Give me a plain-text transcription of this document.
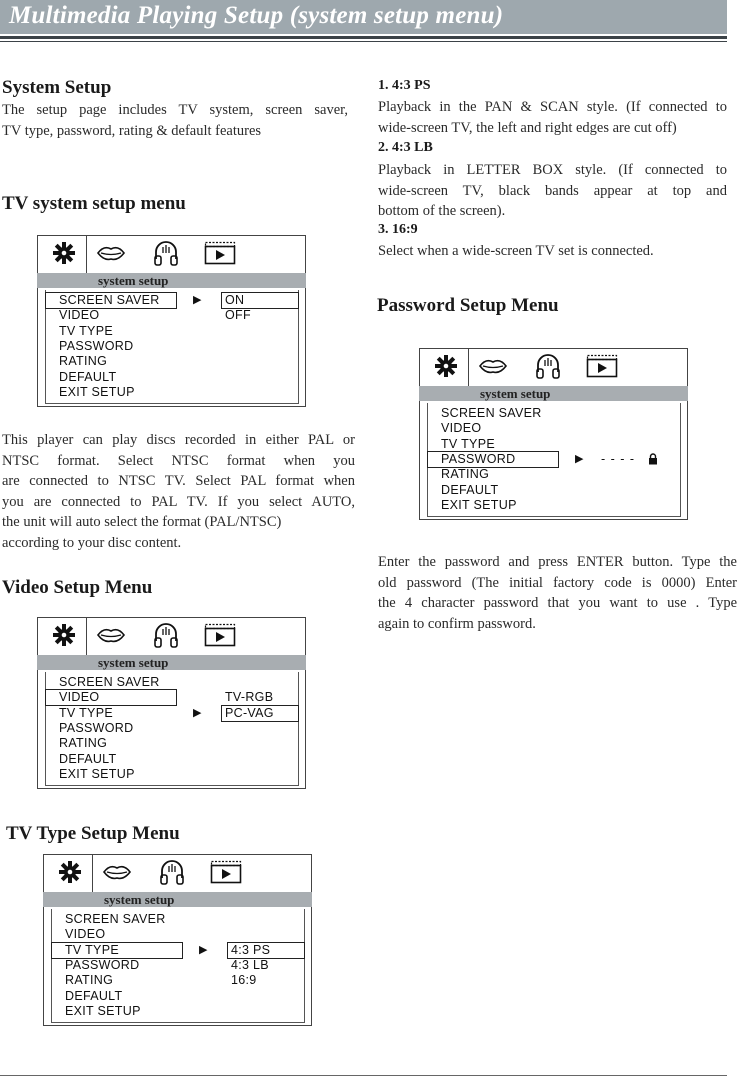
Multimedia Playing Setup (system setup menu)
System Setup
The setup page includes TV system, screen saver,
TV type, password, rating & default features
TV system setup menu
system setup
SCREEN SAVER
VIDEO
TV TYPE
PASSWORD
RATING
DEFAULT
EXIT SETUP
▶ ON
OFF
This player can play discs recorded in either PAL or
NTSC format. Select NTSC format when you
are connected to NTSC TV. Select PAL format when
you are connected to PAL TV. If you select AUTO,
the unit will auto select the format (PAL/NTSC)
according to your disc content.
Video Setup Menu
system setup
SCREEN SAVER
VIDEO
TV TYPE
PASSWORD
RATING
DEFAULT
EXIT SETUP
▶
TV-RGB
PC-VAG
TV Type Setup Menu
system setup
SCREEN SAVER
VIDEO
TV TYPE
PASSWORD
RATING
DEFAULT
EXIT SETUP
▶ 4:3 PS
4:3 LB
16:9
1. 4:3 PS
Playback in the PAN & SCAN style. (If connected to
wide-screen TV, the left and right edges are cut off)
2. 4:3 LB
Playback in LETTER BOX style. (If connected to
wide-screen TV, black bands appear at top and
bottom of the screen).
3. 16:9
Select when a wide-screen TV set is connected.
Password Setup Menu
system setup
SCREEN SAVER
VIDEO
TV TYPE
PASSWORD
RATING
DEFAULT
EXIT SETUP
▶ - - - -
Enter the password and press ENTER button. Type the
old password (The initial factory code is 0000) Enter
the 4 character password that you want to use . Type
again to confirm password.
